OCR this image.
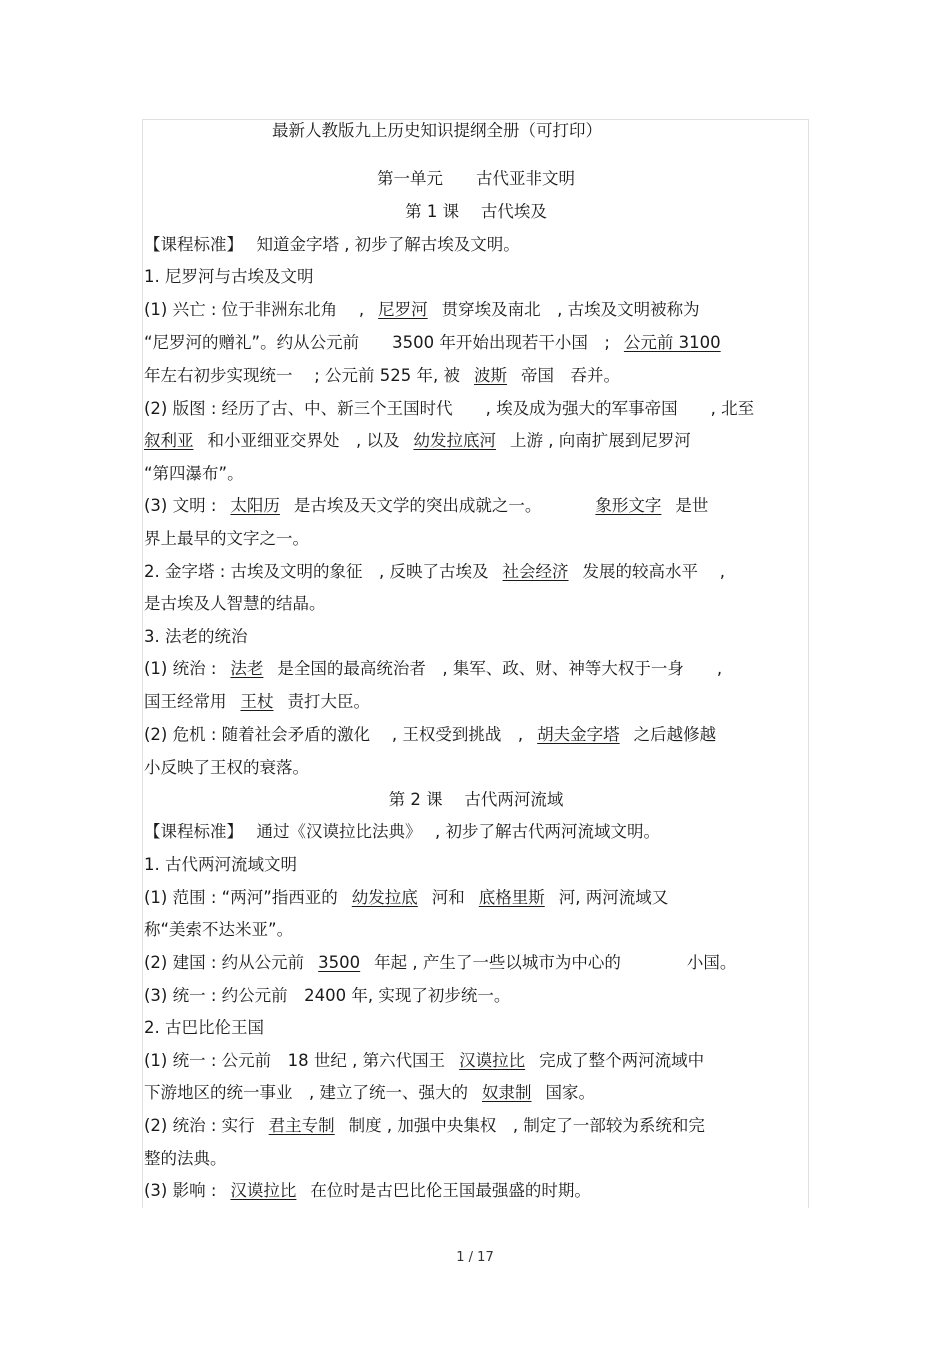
最新人教版九上历史知识提纲全册（可打印）
第一单元　　古代亚非文明
第 1 课　 古代埃及
【课程标准】　 知道金字塔 , 初步了解古埃及文明。
1. 尼罗河与古埃及文明
(1) 兴亡 : 位于非洲东北角　 , 尼罗河 贯穿埃及南北　, 古埃及文明被称为
“尼罗河的赠礼”。约从公元前　　3500 年开始出现若干小国　; 公元前 3100
年左右初步实现统一　 ; 公元前 525 年, 被 波斯 帝国　吞并。
(2) 版图 : 经历了古、中、新三个王国时代　　, 埃及成为强大的军事帝国　　, 北至
叙利亚 和小亚细亚交界处　, 以及 幼发拉底河 上游 , 向南扩展到尼罗河
“第四瀑布”。
(3) 文明 : 太阳历 是古埃及天文学的突出成就之一。	象形文字 是世
界上最早的文字之一。
2. 金字塔 : 古埃及文明的象征　, 反映了古埃及 社会经济 发展的较高水平　 ,
是古埃及人智慧的结晶。
3. 法老的统治
(1) 统治 : 法老 是全国的最高统治者　, 集军、政、财、神等大权于一身　　,
国王经常用 王杖 责打大臣。
(2) 危机 : 随着社会矛盾的激化　 , 王权受到挑战　, 胡夫金字塔 之后越修越
小反映了王权的衰落。
第 2 课　 古代两河流域
【课程标准】　 通过《汉谟拉比法典》　 , 初步了解古代两河流域文明。
1. 古代两河流域文明
(1) 范围 : “两河”指西亚的 幼发拉底 河和 底格里斯 河, 两河流域又
称“美索不达米亚”。
(2) 建国 : 约从公元前 3500 年起 , 产生了一些以城市为中心的　　　　小国。
(3) 统一 : 约公元前　2400 年, 实现了初步统一。
2. 古巴比伦王国
(1) 统一 : 公元前　18 世纪 , 第六代国王 汉谟拉比 完成了整个两河流域中
下游地区的统一事业　, 建立了统一、强大的 奴隶制 国家。
(2) 统治 : 实行 君主专制 制度 , 加强中央集权　, 制定了一部较为系统和完
整的法典。
(3) 影响 : 汉谟拉比 在位时是古巴比伦王国最强盛的时期。
1 / 17
